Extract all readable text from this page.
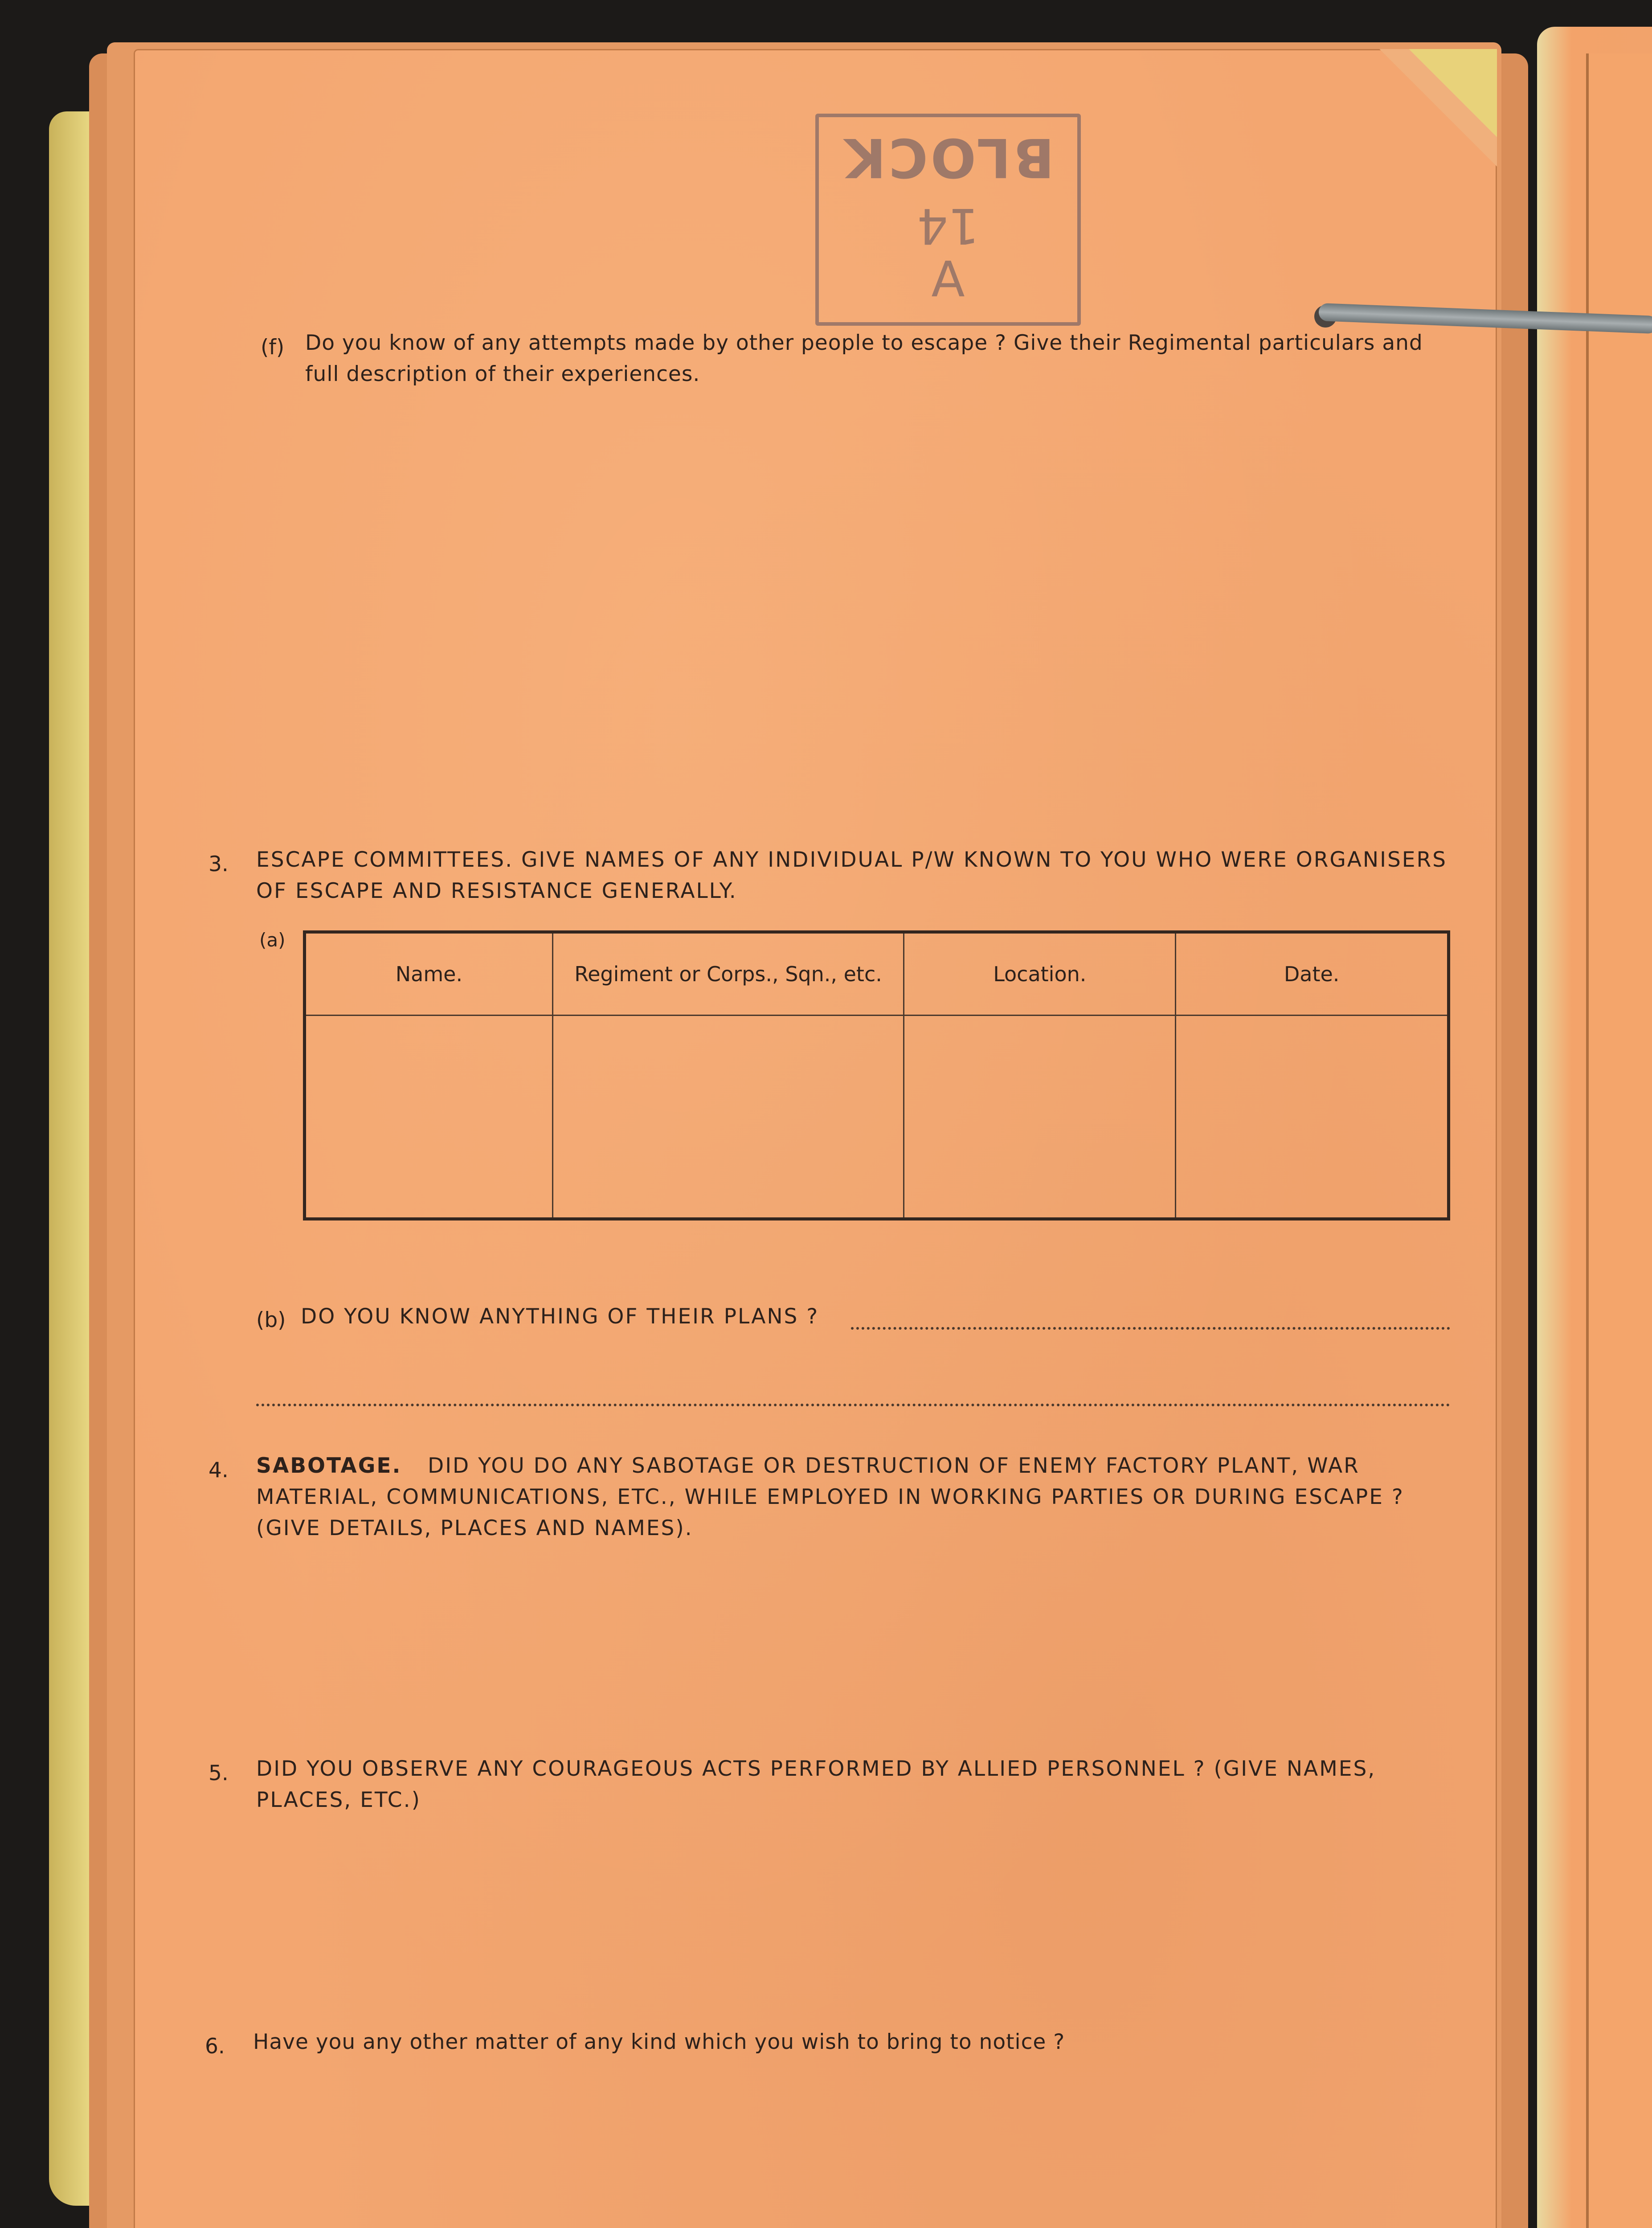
BLOCK
14
A
(f) Do you know of any attempts made by other people to escape ? Give their Regimental particulars and full description of their experiences.
3. ESCAPE COMMITTEES. GIVE NAMES OF ANY INDIVIDUAL P/W KNOWN TO YOU WHO WERE ORGANISERS OF ESCAPE AND RESISTANCE GENERALLY.
(a)
Name.	Regiment or Corps., Sqn., etc.	Location.	Date.

(b) DO YOU KNOW ANYTHING OF THEIR PLANS ?
4. SABOTAGE.	DID YOU DO ANY SABOTAGE OR DESTRUCTION OF ENEMY FACTORY PLANT, WAR MATERIAL, COMMUNICATIONS, ETC., WHILE EMPLOYED IN WORKING PARTIES OR DURING ESCAPE ? (GIVE DETAILS, PLACES AND NAMES).
5. DID YOU OBSERVE ANY COURAGEOUS ACTS PERFORMED BY ALLIED PERSONNEL ? (GIVE NAMES, PLACES, ETC.)
6. Have you any other matter of any kind which you wish to bring to notice ?
